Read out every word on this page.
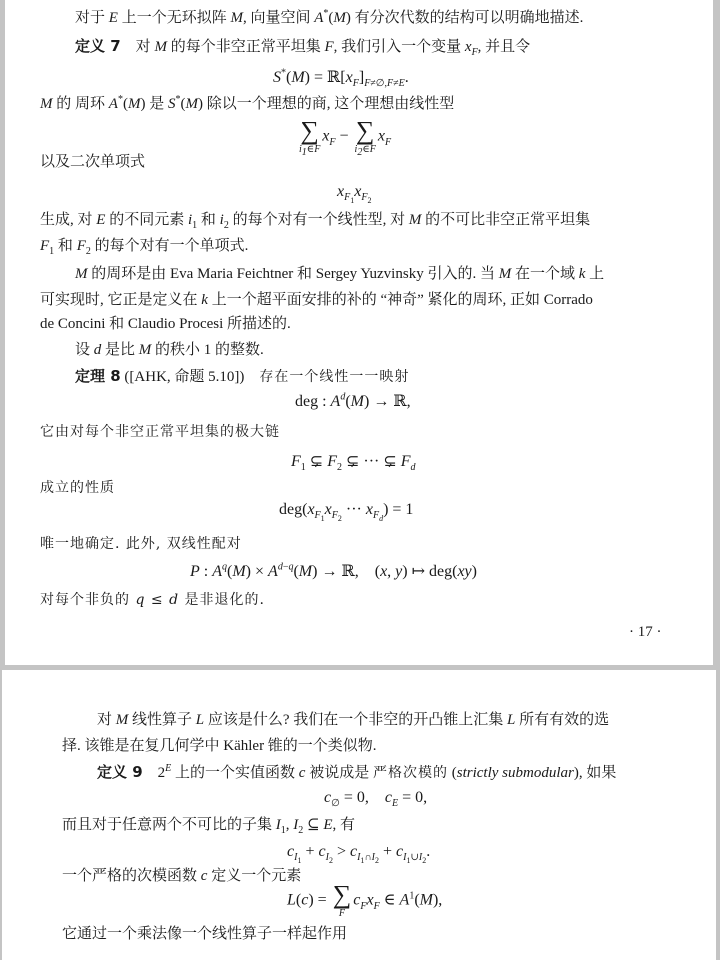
对于 E 上一个无环拟阵 M, 向量空间 A*(M) 有分次代数的结构可以明确地描述.
定义 7 对 M 的每个非空正常平坦集 F, 我们引入一个变量 $x_F$, 并且令
$S^*(M) = ℝ[x_F]_{F\ne\emptyset,F\ne E}$.
M 的 周环 A*(M) 是 S*(M) 除以一个理想的商, 这个理想由线性型
∑
$i_1\in F$
$x_F$ − ∑
$i_2\in F$
$x_F$
以及二次单项式
$x_{F_1}x_{F_2}$
生成, 对 E 的不同元素 $i_1$ 和 $i_2$ 的每个对有一个线性型, 对 M 的不可比非空正常平坦集
$F_1$ 和 $F_2$ 的每个对有一个单项式.
M 的周环是由 Eva Maria Feichtner 和 Sergey Yuzvinsky 引入的. 当 M 在一个域 k 上
可实现时, 它正是定义在 k 上一个超平面安排的补的 “神奇” 紧化的周环, 正如 Corrado
de Concini 和 Claudio Procesi 所描述的.
设 d 是比 M 的秩小 1 的整数.
定理 8 ([AHK, 命题 5.10]) 存在一个线性一一映射
deg : $A^d(M)$ → ℝ,
它由对每个非空正常平坦集的极大链
$F_1$ ⊊ $F_2$ ⊊ ··· ⊊ $F_d$
成立的性质
$deg(x_{F_1}x_{F_2}$ ··· $x_{F_d}) = 1$
唯一地确定. 此外, 双线性配对
P : $A^q(M) \times A^{d-q}(M)$ → ℝ,    (x, y) ↦ deg(xy)
对每个非负的 q ≤ d 是非退化的.
· 17 ·
对 M 线性算子 L 应该是什么? 我们在一个非空的开凸锥上汇集 L 所有有效的选
择. 该锥是在复几何学中 Kähler 锥的一个类似物.
定义 9    $2^E$ 上的一个实值函数 c 被说成是 严格次模的 (strictly submodular), 如果
$c_\emptyset = 0$,    $c_E = 0$,
而且对于任意两个不可比的子集 $I_1$, $I_2$ ⊆ E, 有
$c_{I_1} + c_{I_2} > c_{I_1\cap I_2} + c_{I_1\cup I_2}$.
一个严格的次模函数 c 定义一个元素
L(c) = ∑
F
$c_Fx_F$ ∈ $A^1(M)$,
它通过一个乘法像一个线性算子一样起作用
